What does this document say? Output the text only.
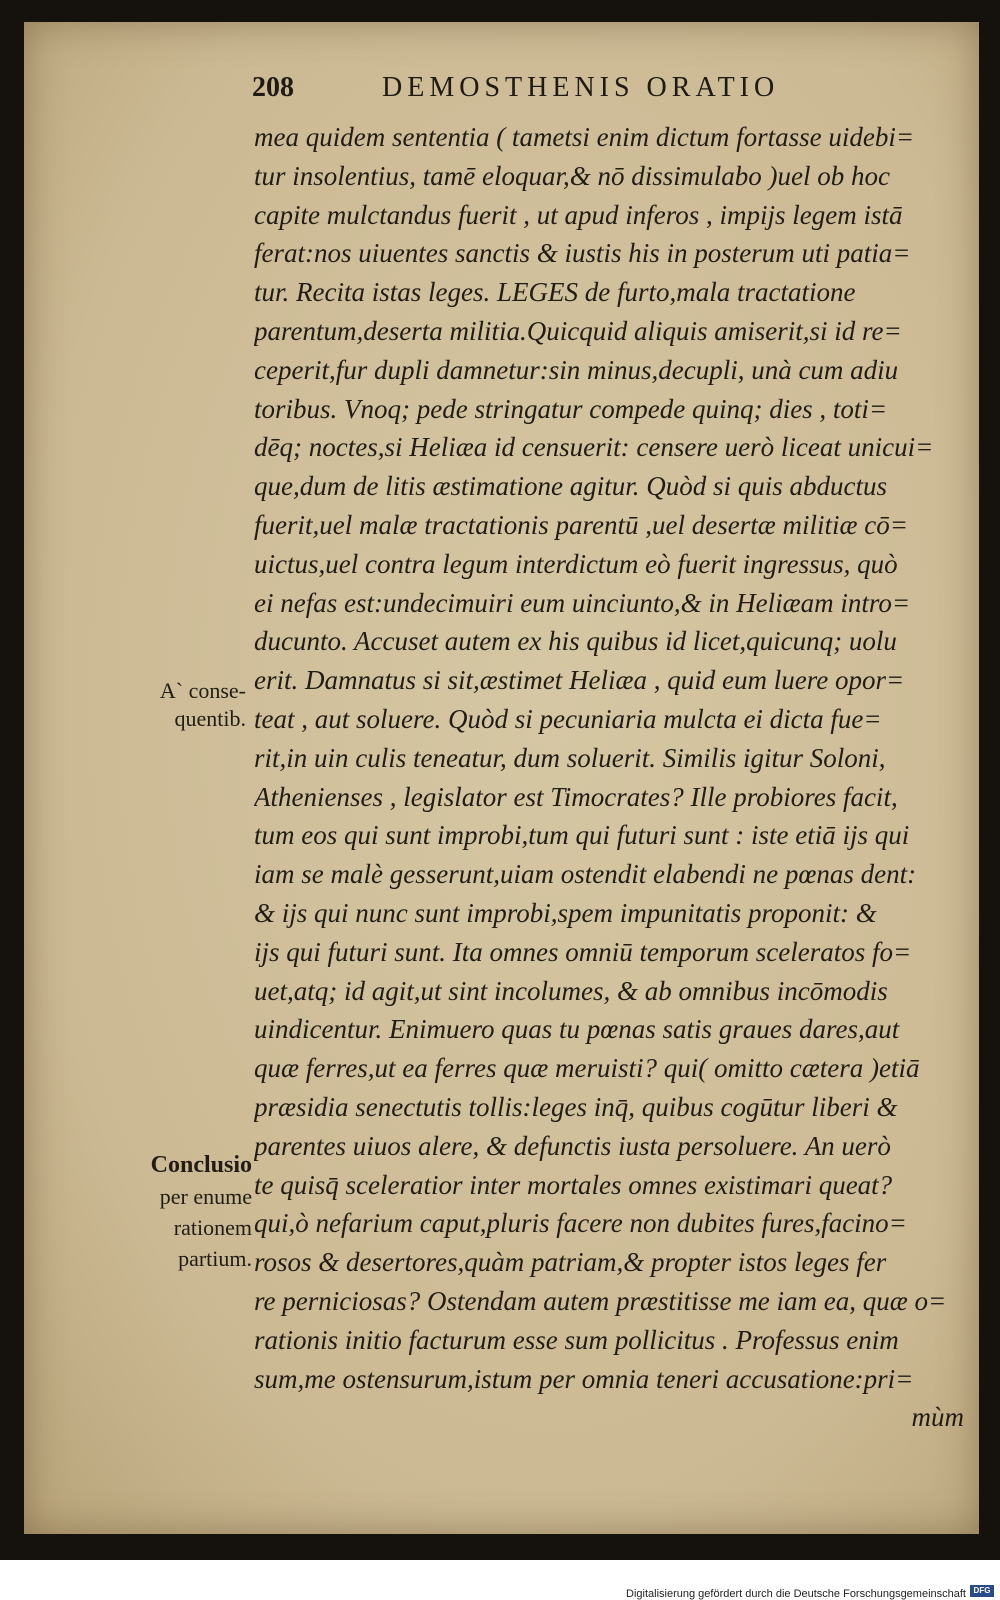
208	DEMOSTHENIS ORATIO
A` conse-
quentib.
Conclusio
per enume
rationem
partium.
mea quidem sententia ( tametsi enim dictum fortasse uidebi=
tur insolentius, tamē eloquar,& nō dissimulabo )uel ob hoc
capite mulctandus fuerit , ut apud inferos , impijs legem istā
ferat:nos uiuentes sanctis & iustis his in posterum uti patia=
tur. Recita istas leges. LEGES de furto,mala tractatione
parentum,deserta militia.Quicquid aliquis amiserit,si id re=
ceperit,fur dupli damnetur:sin minus,decupli, unà cum adiu
toribus. Vnoq; pede stringatur compede quinq; dies , toti=
dēq; noctes,si Heliæa id censuerit: censere uerò liceat unicui=
que,dum de litis æstimatione agitur. Quòd si quis abductus
fuerit,uel malæ tractationis parentū ,uel desertæ militiæ cō=
uictus,uel contra legum interdictum eò fuerit ingressus, quò
ei nefas est:undecimuiri eum uinciunto,& in Heliæam intro=
ducunto. Accuset autem ex his quibus id licet,quicunq; uolu
erit. Damnatus si sit,æstimet Heliæa , quid eum luere opor=
teat , aut soluere. Quòd si pecuniaria mulcta ei dicta fue=
rit,in uin culis teneatur, dum soluerit. Similis igitur Soloni,
Athenienses , legislator est Timocrates? Ille probiores facit,
tum eos qui sunt improbi,tum qui futuri sunt : iste etiā ijs qui
iam se malè gesserunt,uiam ostendit elabendi ne pœnas dent:
& ijs qui nunc sunt improbi,spem impunitatis proponit: &
ijs qui futuri sunt. Ita omnes omniū temporum sceleratos fo=
uet,atq; id agit,ut sint incolumes, & ab omnibus incōmodis
uindicentur. Enimuero quas tu pœnas satis graues dares,aut
quæ ferres,ut ea ferres quæ meruisti? qui( omitto cætera )etiā
præsidia senectutis tollis:leges inq̄, quibus cogūtur liberi &
parentes uiuos alere, & defunctis iusta persoluere. An uerò
te quisq̄ sceleratior inter mortales omnes existimari queat?
qui,ò nefarium caput,pluris facere non dubites fures,facino=
rosos & desertores,quàm patriam,& propter istos leges fer
re perniciosas? Ostendam autem præstitisse me iam ea, quæ o=
rationis initio facturum esse sum pollicitus . Professus enim
sum,me ostensurum,istum per omnia teneri accusatione:pri=
mùm
Digitalisierung gefördert durch die Deutsche Forschungsgemeinschaft DFG
